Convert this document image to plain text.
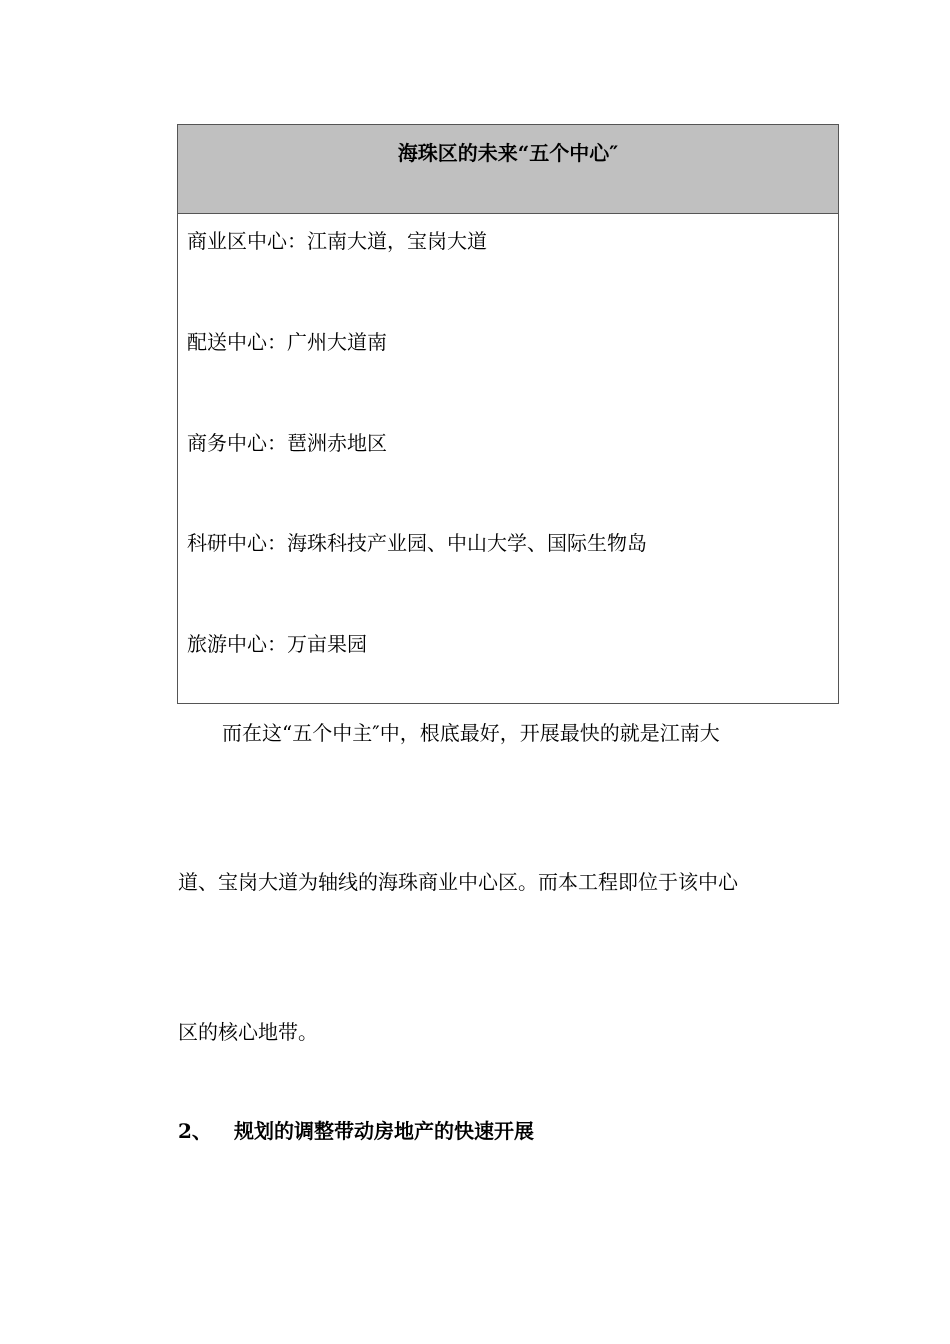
海珠区的未来“五个中心″
商业区中心：江南大道，宝岗大道
配送中心：广州大道南
商务中心：琶洲赤地区
科研中心：海珠科技产业园、中山大学、国际生物岛
旅游中心：万亩果园
而在这“五个中主″中，根底最好，开展最快的就是江南大
道、宝岗大道为轴线的海珠商业中心区。而本工程即位于该中心
区的核心地带。
2、 规划的调整带动房地产的快速开展
